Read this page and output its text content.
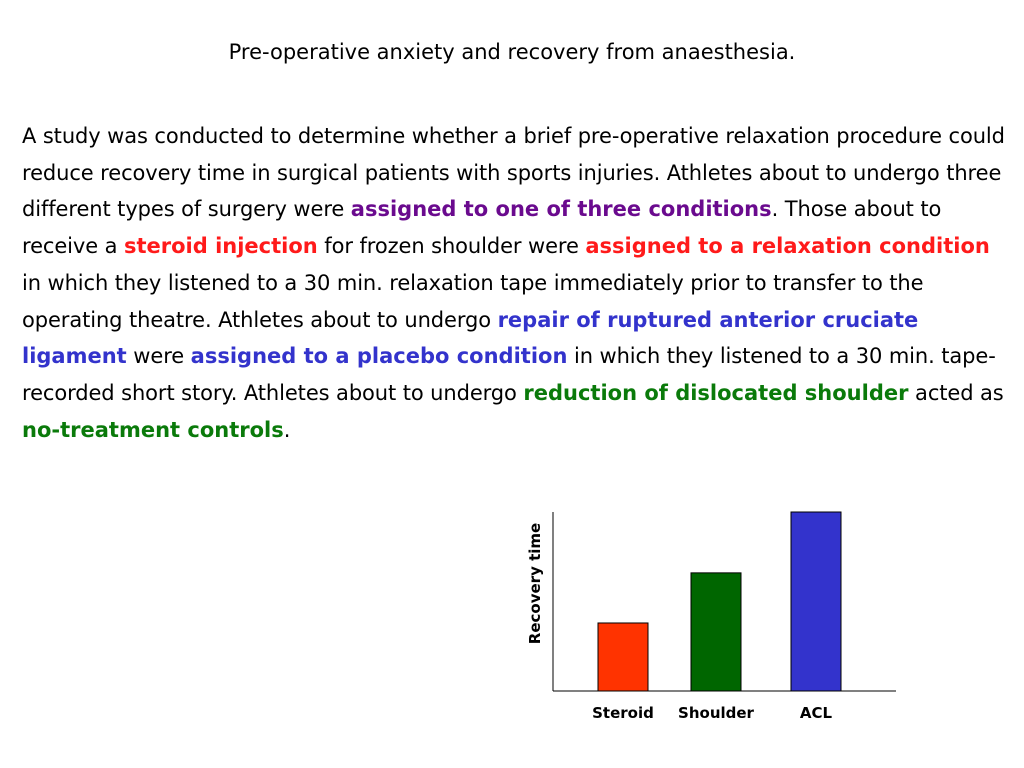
Pre-operative anxiety and recovery from anaesthesia.

A study was conducted to determine whether a brief pre-operative relaxation procedure could reduce recovery time in surgical patients with sports injuries. Athletes about to undergo three different types of surgery were assigned to one of three conditions. Those about to receive a steroid injection for frozen shoulder were assigned to a relaxation condition in which they listened to a 30 min. relaxation tape immediately prior to transfer to the operating theatre. Athletes about to undergo repair of ruptured anterior cruciate ligament were assigned to a placebo condition in which they listened to a 30 min. tape-recorded short story. Athletes about to undergo reduction of dislocated shoulder acted as no-treatment controls.

Steroid Shoulder	ACL
Recovery time
